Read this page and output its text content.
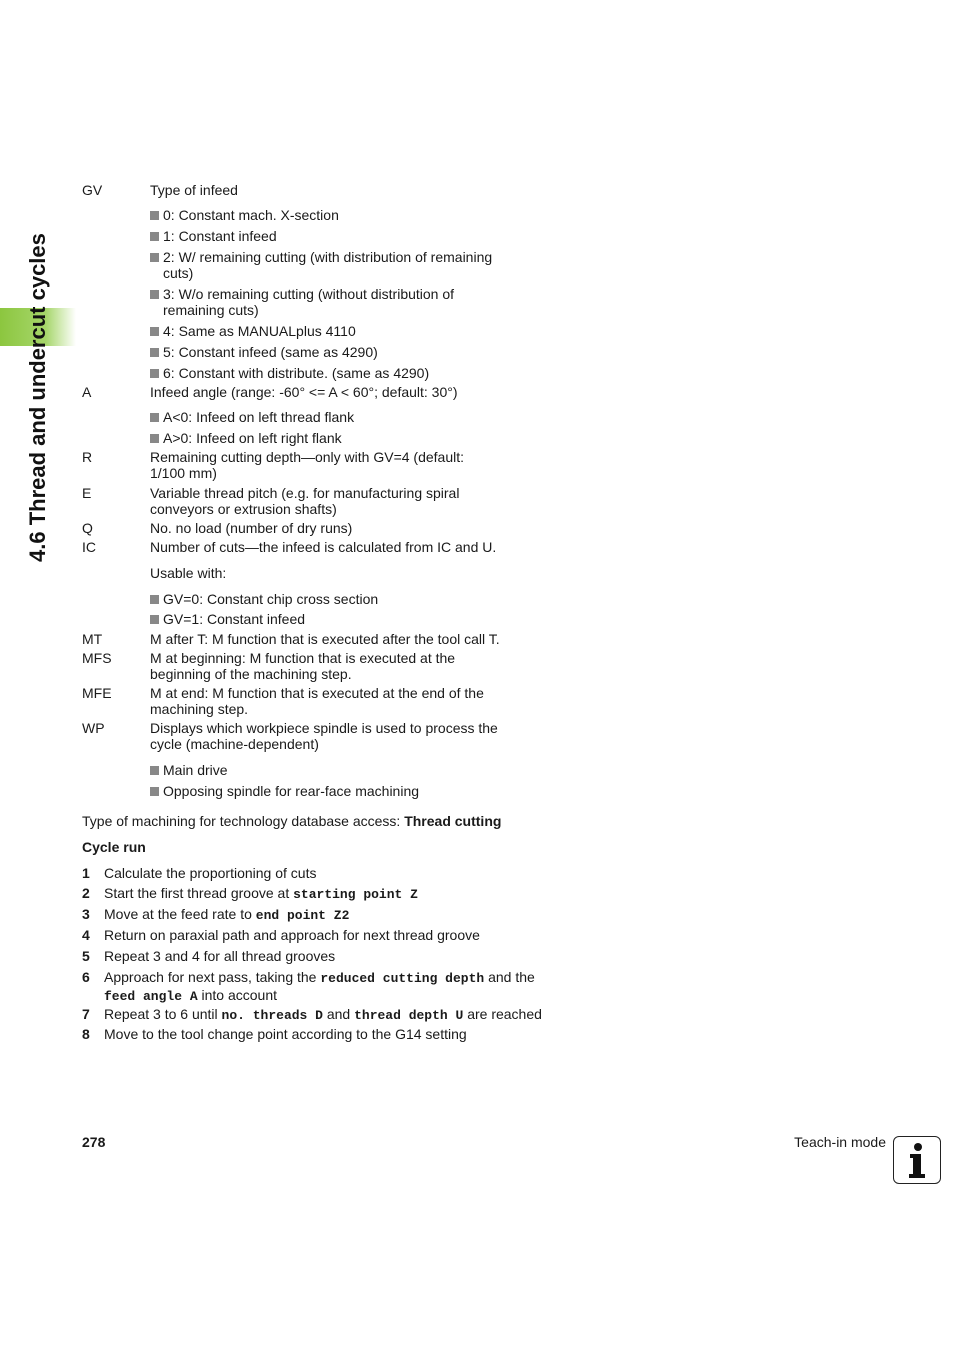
4.6 Thread and undercut cycles
GV	Type of infeed
0: Constant mach. X-section
1: Constant infeed
2: W/ remaining cutting (with distribution of remaining
cuts)
3: W/o remaining cutting (without distribution of
remaining cuts)
4: Same as MANUALplus 4110
5: Constant infeed (same as 4290)
6: Constant with distribute. (same as 4290)
A	Infeed angle (range: -60° <= A < 60°; default: 30°)
A<0: Infeed on left thread flank
A>0: Infeed on left right flank
R	Remaining cutting depth—only with GV=4 (default:
1/100 mm)
E	Variable thread pitch (e.g. for manufacturing spiral
conveyors or extrusion shafts)
Q	No. no load (number of dry runs)
IC	Number of cuts—the infeed is calculated from IC and U.
Usable with:
GV=0: Constant chip cross section
GV=1: Constant infeed
MT	M after T: M function that is executed after the tool call T.
MFS	M at beginning: M function that is executed at the
beginning of the machining step.
MFE	M at end: M function that is executed at the end of the
machining step.
WP	Displays which workpiece spindle is used to process the
cycle (machine-dependent)
Main drive
Opposing spindle for rear-face machining
Type of machining for technology database access: Thread cutting
Cycle run
1 Calculate the proportioning of cuts
2 Start the first thread groove at starting point Z
3 Move at the feed rate to end point Z2
4 Return on paraxial path and approach for next thread groove
5 Repeat 3 and 4 for all thread grooves
6 Approach for next pass, taking the reduced cutting depth and the
feed angle A into account
7 Repeat 3 to 6 until no. threads D and thread depth U are reached
8 Move to the tool change point according to the G14 setting
278	Teach-in mode
